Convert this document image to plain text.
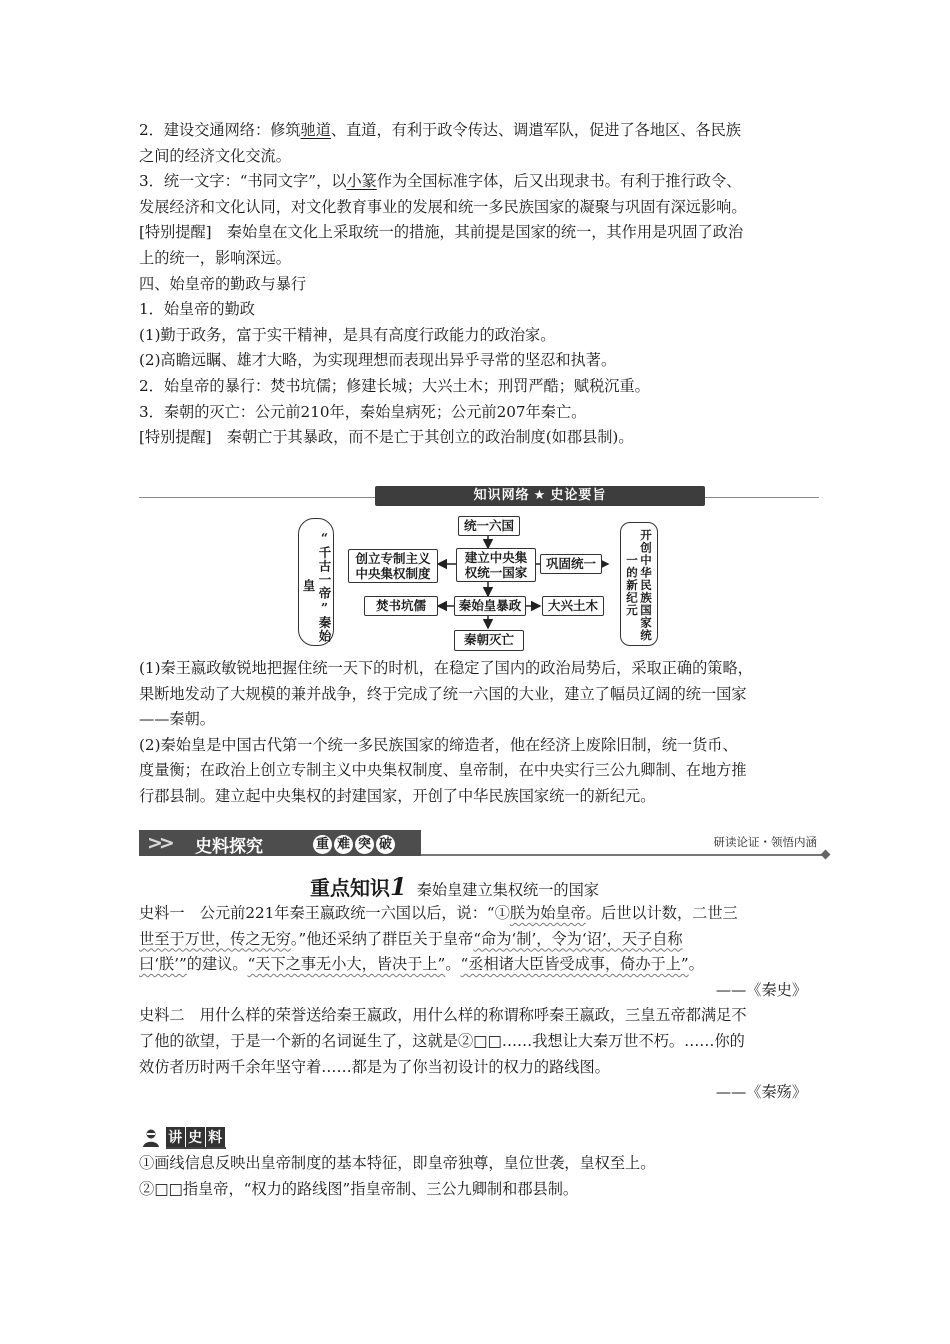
2．建设交通网络：修筑驰道、直道，有利于政令传达、调遣军队，促进了各地区、各民族

之间的经济文化交流。

3．统一文字：“书同文字”，以小篆作为全国标准字体，后又出现隶书。有利于推行政令、

发展经济和文化认同，对文化教育事业的发展和统一多民族国家的凝聚与巩固有深远影响。

[特别提醒]　秦始皇在文化上采取统一的措施，其前提是国家的统一，其作用是巩固了政治

上的统一，影响深远。

四、始皇帝的勤政与暴行

1．始皇帝的勤政

(1)勤于政务，富于实干精神，是具有高度行政能力的政治家。

(2)高瞻远瞩、雄才大略，为实现理想而表现出异乎寻常的坚忍和执著。

2．始皇帝的暴行：焚书坑儒；修建长城；大兴土木；刑罚严酷；赋税沉重。

3．秦朝的灭亡：公元前210年，秦始皇病死；公元前207年秦亡。

[特别提醒]　秦朝亡于其暴政，而不是亡于其创立的政治制度(如郡县制)。

知识网络 ★ 史论要旨
“千古一帝”秦始皇
统一六国
创立专制主义中央集权制度
建立中央集权统一国家
巩固统一
焚书坑儒	秦始皇暴政	大兴土木
秦朝灭亡	开创中华民族国家统一的新纪元

(1)秦王嬴政敏锐地把握住统一天下的时机，在稳定了国内的政治局势后，采取正确的策略，

果断地发动了大规模的兼并战争，终于完成了统一六国的大业，建立了幅员辽阔的统一国家

——秦朝。

(2)秦始皇是中国古代第一个统一多民族国家的缔造者，他在经济上废除旧制，统一货币、

度量衡；在政治上创立专制主义中央集权制度、皇帝制，在中央实行三公九卿制、在地方推

行郡县制。建立起中央集权的封建国家，开创了中华民族国家统一的新纪元。

>> 史料探究	重 难 突 破	研读论证・领悟内涵
重点知识1 秦始皇建立集权统一的国家

史料一　公元前221年秦王嬴政统一六国以后，说：“①朕为始皇帝。后世以计数，二世三

世至于万世，传之无穷。”他还采纳了群臣关于皇帝“命为‘制’，令为‘诏’，天子自称

曰‘朕’”的建议。“天下之事无小大，皆决于上”。“丞相诸大臣皆受成事，倚办于上”。

——《秦史》

史料二　用什么样的荣誉送给秦王嬴政，用什么样的称谓称呼秦王嬴政，三皇五帝都满足不

了他的欲望，于是一个新的名词诞生了，这就是②□□……我想让大秦万世不朽。……你的

效仿者历时两千余年坚守着……都是为了你当初设计的权力的路线图。

——《秦殇》

讲 史 料

①画线信息反映出皇帝制度的基本特征，即皇帝独尊，皇位世袭，皇权至上。

②□□指皇帝，“权力的路线图”指皇帝制、三公九卿制和郡县制。
